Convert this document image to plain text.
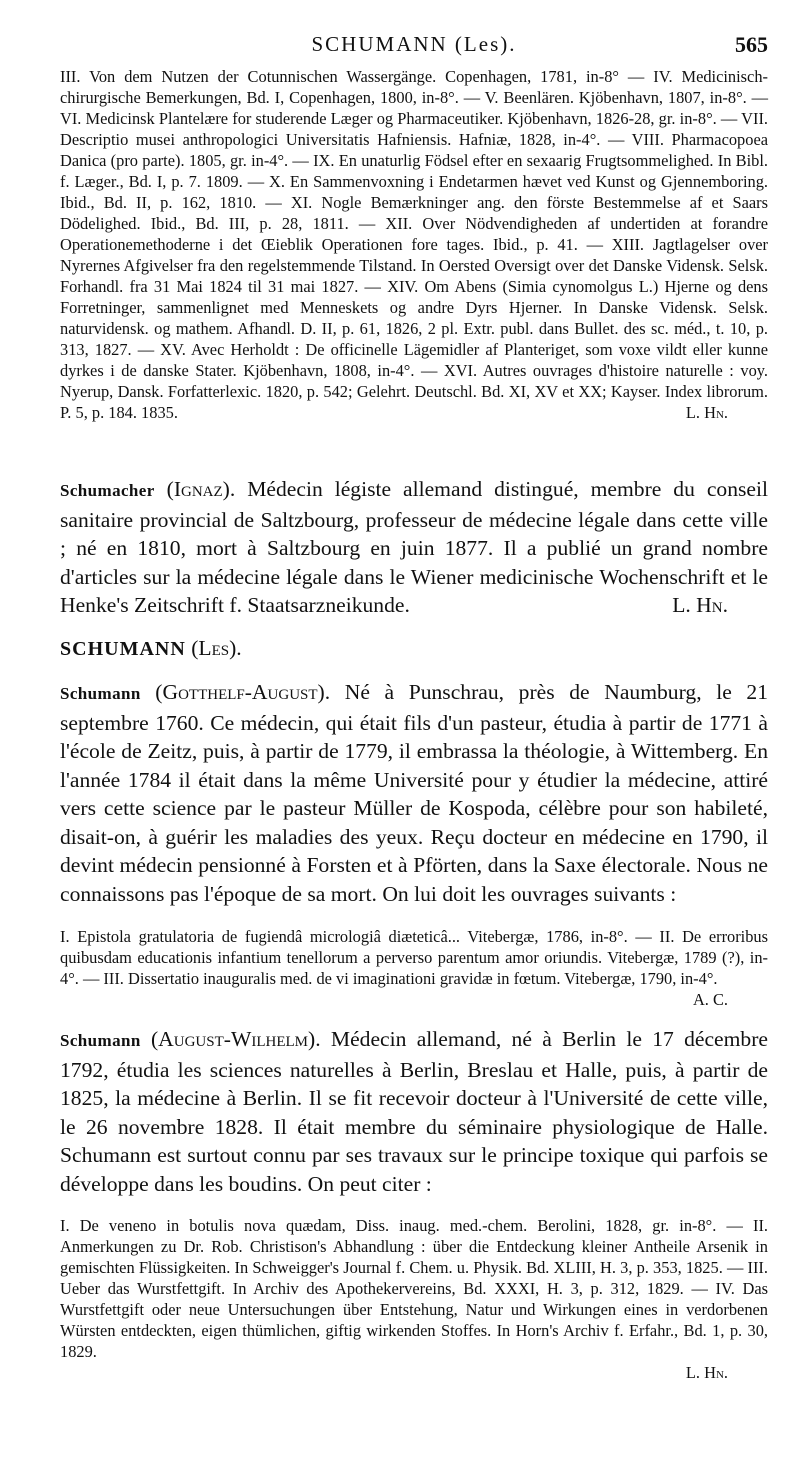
SCHUMANN (Les).	565
III. Von dem Nutzen der Cotunnischen Wassergänge. Copenhagen, 1781, in-8° — IV. Medicinisch-chirurgische Bemerkungen, Bd. I, Copenhagen, 1800, in-8°. — V. Beenlären. Kjöbenhavn, 1807, in-8°. — VI. Medicinsk Plantelære for studerende Læger og Pharmaceutiker. Kjöbenhavn, 1826-28, gr. in-8°. — VII. Descriptio musei anthropologici Universitatis Hafniensis. Hafniæ, 1828, in-4°. — VIII. Pharmacopoea Danica (pro parte). 1805, gr. in-4°. — IX. En unaturlig Födsel efter en sexaarig Frugtsommelighed. In Bibl. f. Læger., Bd. I, p. 7. 1809. — X. En Sammenvoxning i Endetarmen hævet ved Kunst og Gjennemboring. Ibid., Bd. II, p. 162, 1810. — XI. Nogle Bemærkninger ang. den förste Bestemmelse af et Saars Dödelighed. Ibid., Bd. III, p. 28, 1811. — XII. Over Nödvendigheden af undertiden at forandre Operationemethoderne i det Œieblik Operationen fore tages. Ibid., p. 41. — XIII. Jagtlagelser over Nyrernes Afgivelser fra den regelstemmende Tilstand. In Oersted Oversigt over det Danske Vidensk. Selsk. Forhandl. fra 31 Mai 1824 til 31 mai 1827. — XIV. Om Abens (Simia cynomolgus L.) Hjerne og dens Forretninger, sammenlignet med Menneskets og andre Dyrs Hjerner. In Danske Vidensk. Selsk. naturvidensk. og mathem. Afhandl. D. II, p. 61, 1826, 2 pl. Extr. publ. dans Bullet. des sc. méd., t. 10, p. 313, 1827. — XV. Avec Herholdt : De officinelle Lägemidler af Planteriget, som voxe vildt eller kunne dyrkes i de danske Stater. Kjöbenhavn, 1808, in-4°. — XVI. Autres ouvrages d'histoire naturelle : voy. Nyerup, Dansk. Forfatterlexic. 1820, p. 542; Gelehrt. Deutschl. Bd. XI, XV et XX; Kayser. Index librorum. P. 5, p. 184. 1835.	L. Hn.
Schumacher (Ignaz). Médecin légiste allemand distingué, membre du conseil sanitaire provincial de Saltzbourg, professeur de médecine légale dans cette ville ; né en 1810, mort à Saltzbourg en juin 1877. Il a publié un grand nombre d'articles sur la médecine légale dans le Wiener medicinische Wochenschrift et le Henke's Zeitschrift f. Staatsarzneikunde.	L. Hn.
SCHUMANN (Les).
Schumann (Gotthelf-August). Né à Punschrau, près de Naumburg, le 21 septembre 1760. Ce médecin, qui était fils d'un pasteur, étudia à partir de 1771 à l'école de Zeitz, puis, à partir de 1779, il embrassa la théologie, à Wittemberg. En l'année 1784 il était dans la même Université pour y étudier la médecine, attiré vers cette science par le pasteur Müller de Kospoda, célèbre pour son habileté, disait-on, à guérir les maladies des yeux. Reçu docteur en médecine en 1790, il devint médecin pensionné à Forsten et à Pförten, dans la Saxe électorale. Nous ne connaissons pas l'époque de sa mort. On lui doit les ouvrages suivants :
I. Epistola gratulatoria de fugiendâ micrologiâ diæteticâ... Vitebergæ, 1786, in-8°. — II. De erroribus quibusdam educationis infantium tenellorum a perverso parentum amor oriundis. Vitebergæ, 1789 (?), in-4°. — III. Dissertatio inauguralis med. de vi imaginationi gravidæ in fœtum. Vitebergæ, 1790, in-4°.
A. C.
Schumann (August-Wilhelm). Médecin allemand, né à Berlin le 17 décembre 1792, étudia les sciences naturelles à Berlin, Breslau et Halle, puis, à partir de 1825, la médecine à Berlin. Il se fit recevoir docteur à l'Université de cette ville, le 26 novembre 1828. Il était membre du séminaire physiologique de Halle. Schumann est surtout connu par ses travaux sur le principe toxique qui parfois se développe dans les boudins. On peut citer :
I. De veneno in botulis nova quædam, Diss. inaug. med.-chem. Berolini, 1828, gr. in-8°. — II. Anmerkungen zu Dr. Rob. Christison's Abhandlung : über die Entdeckung kleiner Antheile Arsenik in gemischten Flüssigkeiten. In Schweigger's Journal f. Chem. u. Physik. Bd. XLIII, H. 3, p. 353, 1825. — III. Ueber das Wurstfettgift. In Archiv des Apothekervereins, Bd. XXXI, H. 3, p. 312, 1829. — IV. Das Wurstfettgift oder neue Untersuchungen über Entstehung, Natur und Wirkungen eines in verdorbenen Würsten entdeckten, eigen thümlichen, giftig wirkenden Stoffes. In Horn's Archiv f. Erfahr., Bd. 1, p. 30, 1829.
L. Hn.
